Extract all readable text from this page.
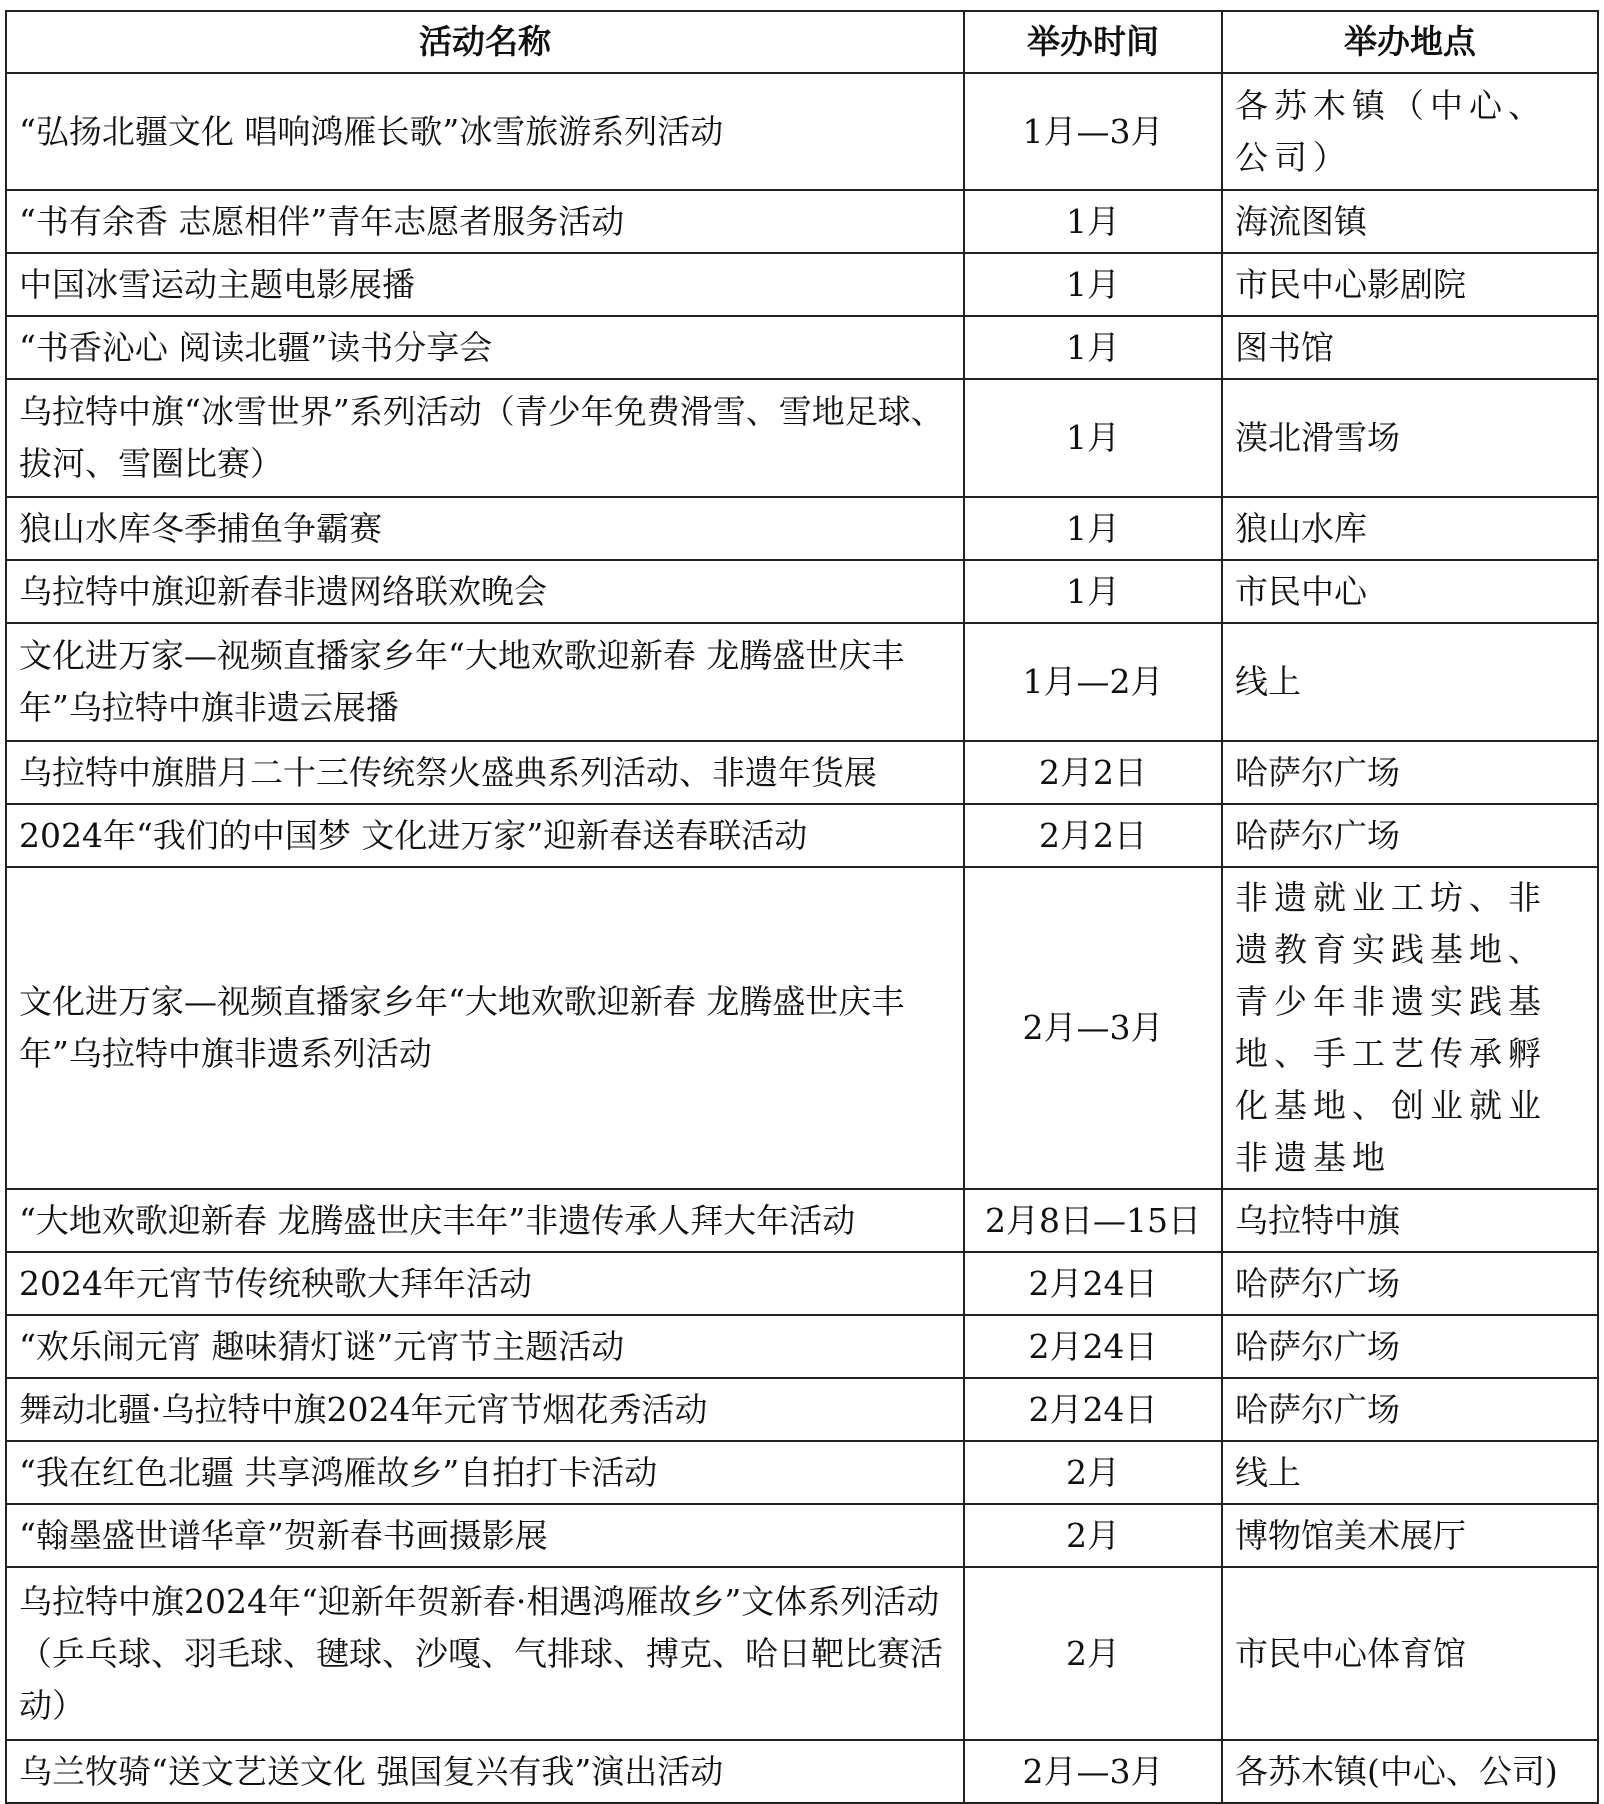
活动名称	举办时间	举办地点
“弘扬北疆文化 唱响鸿雁长歌”冰雪旅游系列活动	1月—3月	各苏木镇（中心、公司）
“书有余香 志愿相伴”青年志愿者服务活动	1月	海流图镇
中国冰雪运动主题电影展播	1月	市民中心影剧院
“书香沁心 阅读北疆”读书分享会	1月	图书馆
乌拉特中旗“冰雪世界”系列活动（青少年免费滑雪、雪地足球、拔河、雪圈比赛）	1月	漠北滑雪场
狼山水库冬季捕鱼争霸赛	1月	狼山水库
乌拉特中旗迎新春非遗网络联欢晚会	1月	市民中心
文化进万家—视频直播家乡年“大地欢歌迎新春 龙腾盛世庆丰年”乌拉特中旗非遗云展播	1月—2月	线上
乌拉特中旗腊月二十三传统祭火盛典系列活动、非遗年货展	2月2日	哈萨尔广场
2024年“我们的中国梦 文化进万家”迎新春送春联活动	2月2日	哈萨尔广场
文化进万家—视频直播家乡年“大地欢歌迎新春 龙腾盛世庆丰年”乌拉特中旗非遗系列活动	2月—3月	非遗就业工坊、非遗教育实践基地、青少年非遗实践基地、手工艺传承孵化基地、创业就业非遗基地
“大地欢歌迎新春 龙腾盛世庆丰年”非遗传承人拜大年活动	2月8日—15日	乌拉特中旗
2024年元宵节传统秧歌大拜年活动	2月24日	哈萨尔广场
“欢乐闹元宵 趣味猜灯谜”元宵节主题活动	2月24日	哈萨尔广场
舞动北疆·乌拉特中旗2024年元宵节烟花秀活动	2月24日	哈萨尔广场
“我在红色北疆 共享鸿雁故乡”自拍打卡活动	2月	线上
“翰墨盛世谱华章”贺新春书画摄影展	2月	博物馆美术展厅
乌拉特中旗2024年“迎新年贺新春·相遇鸿雁故乡”文体系列活动（乒乓球、羽毛球、毽球、沙嘎、气排球、搏克、哈日靶比赛活动）	2月	市民中心体育馆
乌兰牧骑“送文艺送文化 强国复兴有我”演出活动	2月—3月	各苏木镇(中心、公司)
